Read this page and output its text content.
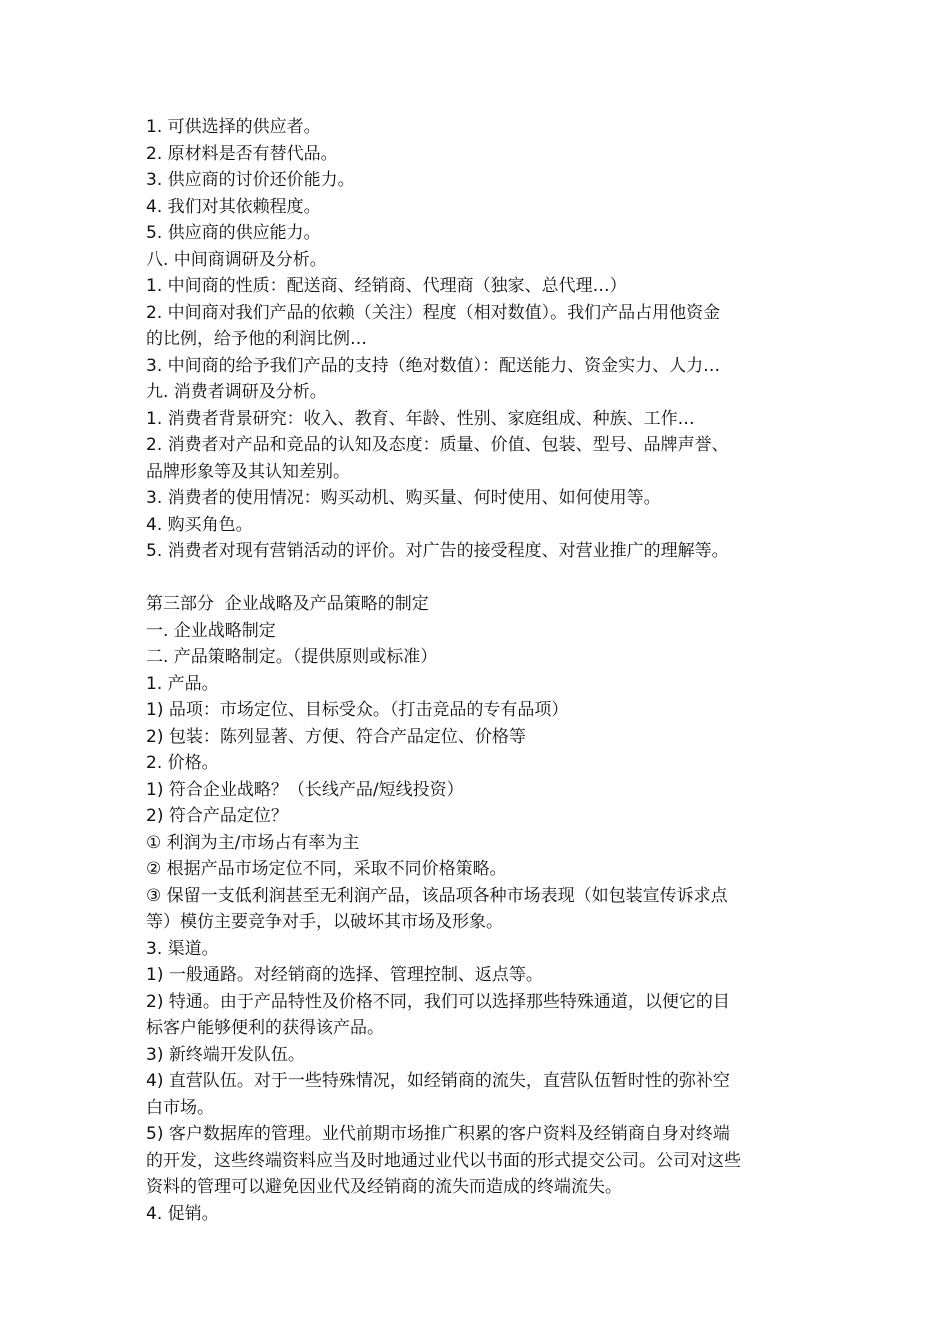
1. 可供选择的供应者。
2. 原材料是否有替代品。
3. 供应商的讨价还价能力。
4. 我们对其依赖程度。
5. 供应商的供应能力。
八. 中间商调研及分析。
1. 中间商的性质：配送商、经销商、代理商（独家、总代理…）
2. 中间商对我们产品的依赖（关注）程度（相对数值）。我们产品占用他资金
的比例，给予他的利润比例…
3. 中间商的给予我们产品的支持（绝对数值）：配送能力、资金实力、人力…
九. 消费者调研及分析。
1. 消费者背景研究：收入、教育、年龄、性别、家庭组成、种族、工作…
2. 消费者对产品和竞品的认知及态度：质量、价值、包装、型号、品牌声誉、
品牌形象等及其认知差别。
3. 消费者的使用情况：购买动机、购买量、何时使用、如何使用等。
4. 购买角色。
5. 消费者对现有营销活动的评价。对广告的接受程度、对营业推广的理解等。
第三部分  企业战略及产品策略的制定
一. 企业战略制定
二. 产品策略制定。（提供原则或标准）
1. 产品。
1) 品项：市场定位、目标受众。（打击竞品的专有品项）
2) 包装：陈列显著、方便、符合产品定位、价格等
2. 价格。
1) 符合企业战略？（长线产品/短线投资）
2) 符合产品定位？
① 利润为主/市场占有率为主
② 根据产品市场定位不同，采取不同价格策略。
③ 保留一支低利润甚至无利润产品，该品项各种市场表现（如包装宣传诉求点
等）模仿主要竞争对手，以破坏其市场及形象。
3. 渠道。
1) 一般通路。对经销商的选择、管理控制、返点等。
2) 特通。由于产品特性及价格不同，我们可以选择那些特殊通道，以便它的目
标客户能够便利的获得该产品。
3) 新终端开发队伍。
4) 直营队伍。对于一些特殊情况，如经销商的流失，直营队伍暂时性的弥补空
白市场。
5) 客户数据库的管理。业代前期市场推广积累的客户资料及经销商自身对终端
的开发，这些终端资料应当及时地通过业代以书面的形式提交公司。公司对这些
资料的管理可以避免因业代及经销商的流失而造成的终端流失。
4. 促销。
